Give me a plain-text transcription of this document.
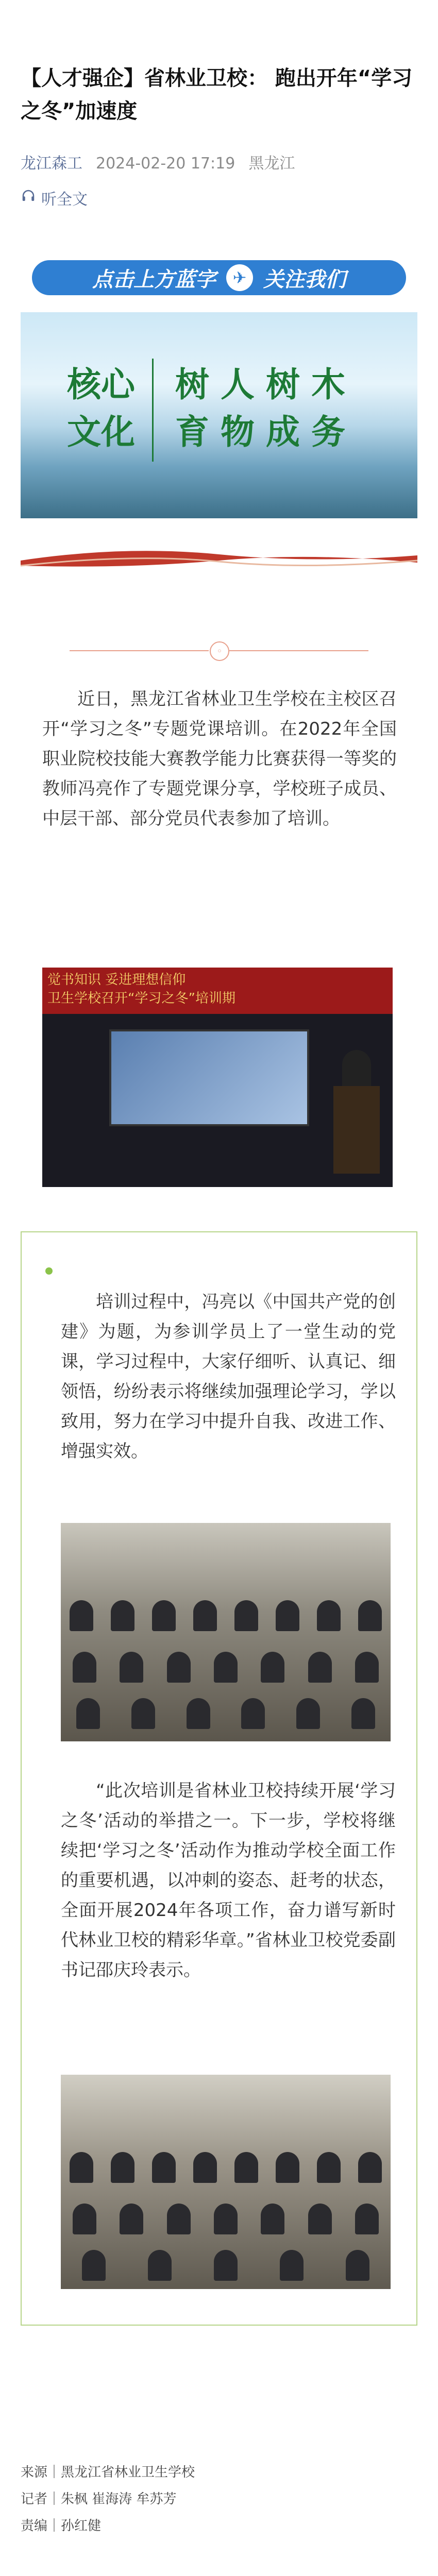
【人才强企】省林业卫校： 跑出开年“学习之冬”加速度
龙江森工 2024-02-20 17:19 黑龙江
听全文
点击上方蓝字	✈ 关注我们
核心
文化
树人树木
育物成务
◦
近日，黑龙江省林业卫生学校在主校区召开“学习之冬”专题党课培训。在2022年全国职业院校技能大赛教学能力比赛获得一等奖的教师冯亮作了专题党课分享，学校班子成员、中层干部、部分党员代表参加了培训。
觉书知识 妥进理想信仰
卫生学校召开“学习之冬”培训期
培训过程中，冯亮以《中国共产党的创建》为题，为参训学员上了一堂生动的党课，学习过程中，大家仔细听、认真记、细领悟，纷纷表示将继续加强理论学习，学以致用，努力在学习中提升自我、改进工作、增强实效。
“此次培训是省林业卫校持续开展‘学习之冬’活动的举措之一。下一步，学校将继续把‘学习之冬’活动作为推动学校全面工作的重要机遇，以冲刺的姿态、赶考的状态，全面开展2024年各项工作，奋力谱写新时代林业卫校的精彩华章。”省林业卫校党委副书记邵庆玲表示。
来源｜黑龙江省林业卫生学校
记者｜朱枫 崔海涛 牟苏芳
责编｜孙红健
